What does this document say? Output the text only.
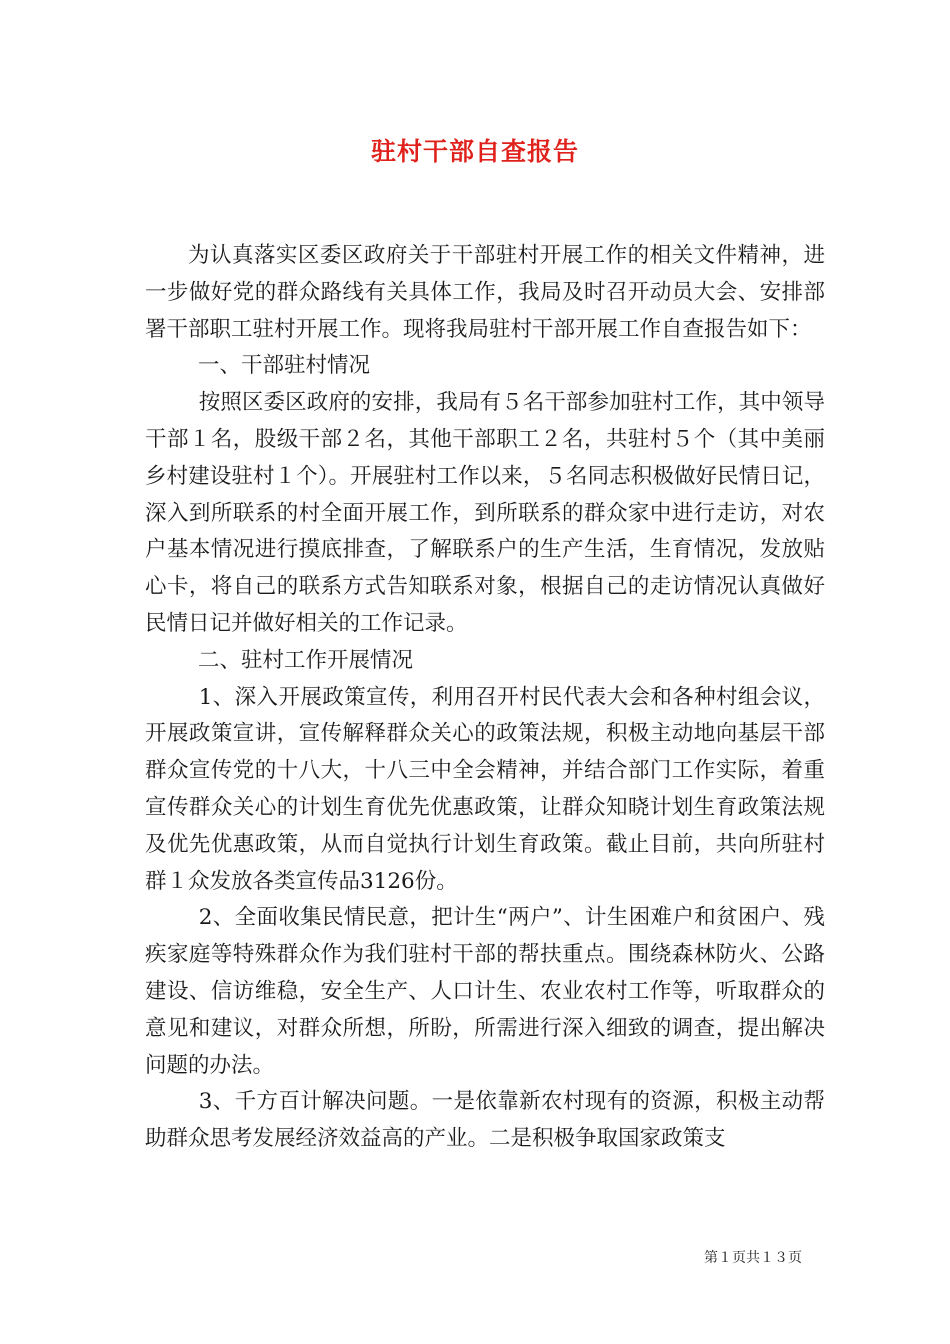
驻村干部自查报告

为认真落实区委区政府关于干部驻村开展工作的相关文件精神，进一步做好党的群众路线有关具体工作，我局及时召开动员大会、安排部署干部职工驻村开展工作。现将我局驻村干部开展工作自查报告如下：

一、干部驻村情况

按照区委区政府的安排，我局有５名干部参加驻村工作，其中领导干部１名，股级干部２名，其他干部职工２名，共驻村５个（其中美丽乡村建设驻村１个）。开展驻村工作以来，５名同志积极做好民情日记，深入到所联系的村全面开展工作，到所联系的群众家中进行走访，对农户基本情况进行摸底排查，了解联系户的生产生活，生育情况，发放贴心卡，将自己的联系方式告知联系对象，根据自己的走访情况认真做好民情日记并做好相关的工作记录。

二、驻村工作开展情况

1、深入开展政策宣传，利用召开村民代表大会和各种村组会议，开展政策宣讲，宣传解释群众关心的政策法规，积极主动地向基层干部群众宣传党的十八大，十八三中全会精神，并结合部门工作实际，着重宣传群众关心的计划生育优先优惠政策，让群众知晓计划生育政策法规及优先优惠政策，从而自觉执行计划生育政策。截止目前，共向所驻村群１众发放各类宣传品3126份。

2、全面收集民情民意，把计生“两户”、计生困难户和贫困户、残疾家庭等特殊群众作为我们驻村干部的帮扶重点。围绕森林防火、公路建设、信访维稳，安全生产、人口计生、农业农村工作等，听取群众的意见和建议，对群众所想，所盼，所需进行深入细致的调查，提出解决问题的办法。

3、千方百计解决问题。一是依靠新农村现有的资源，积极主动帮助群众思考发展经济效益高的产业。二是积极争取国家政策支

第１页共１３页
